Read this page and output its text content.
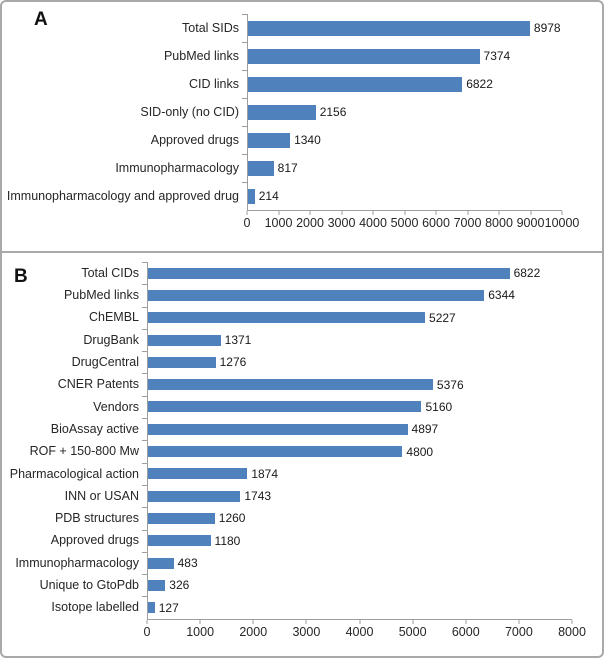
A	Total SIDs	8978
PubMed links	7374
CID links	6822
SID-only (no CID)	2156
Approved drugs	1340
Immunopharmacology	817
Immunopharmacology and approved drug	214
0 1000 2000 3000 4000 5000 6000 7000 8000 9000 10000
B	Total CIDs	6822
PubMed links	6344
ChEMBL	5227
DrugBank	1371
DrugCentral	1276
CNER Patents	5376
Vendors	5160
BioAssay active	4897
ROF + 150-800 Mw	4800
Pharmacological action	1874
INN or USAN	1743
PDB structures	1260
Approved drugs	1180
Immunopharmacology	483
Unique to GtoPdb	326
Isotope labelled	127
0	1000 2000 3000 4000 5000 6000 7000 8000
